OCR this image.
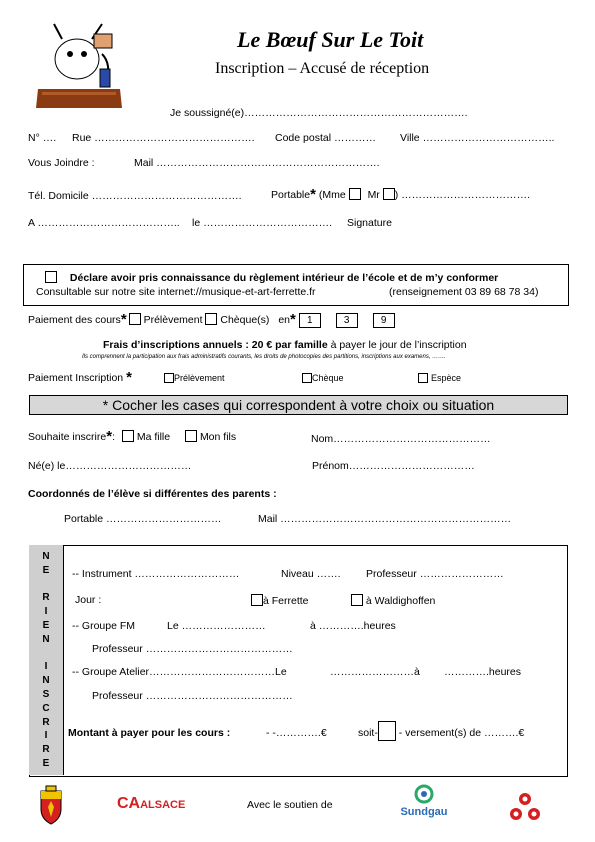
Le Bœuf Sur Le Toit
Inscription – Accusé de réception
Je soussigné(e)……………………………………………………….
N° …. Rue ………………………………………. Code postal ………… Ville ………………………………..
Vous Joindre :	Mail ……………………………………………………….
Tél. Domicile …………………………………….	Portable* (Mme Mr ) ……………………………….
A ………………………………….. le ………………………………. Signature
Déclare avoir pris connaissance du règlement intérieur de l’école et de m’y conformer
Consultable sur notre site internet://musique-et-art-ferrette.fr	(renseignement 03 89 68 78 34)
Paiement des cours* Prélèvement Chèque(s) en* 1	3	9
Frais d’inscriptions annuels : 20 € par famille à payer le jour de l’inscription
Ils comprennent la participation aux frais administratifs courants, les droits de photocopies des partitions, inscriptions aux examens, …….
Paiement Inscription *	Prélèvement	Chèque	Espèce
* Cocher les cases qui correspondent à votre choix ou situation
Souhaite inscrire*:  Ma fille	Mon fils	Nom………………………………………
Né(e) le………………………………	Prénom………………………………
Coordonnés de l’élève si différentes des parents :
Portable ……………………………	Mail …………………………………………………………
N
E
R
I
E
N
I
N
S
C
R
I
R
E
-- Instrument …………………………	Niveau ……. Professeur ……………………
Jour :	à Ferrette	à Waldighoffen
-- Groupe FM	Le ……………………	à ………….heures
Professeur ……………………………………
-- Groupe Atelier………………………………Le	……………………à ………….heures
Professeur ……………………………………
Montant à payer pour les cours :	- -………….€	soit- - versement(s) de ……….€
CAALSACE	Avec le soutien de
Sundgau
